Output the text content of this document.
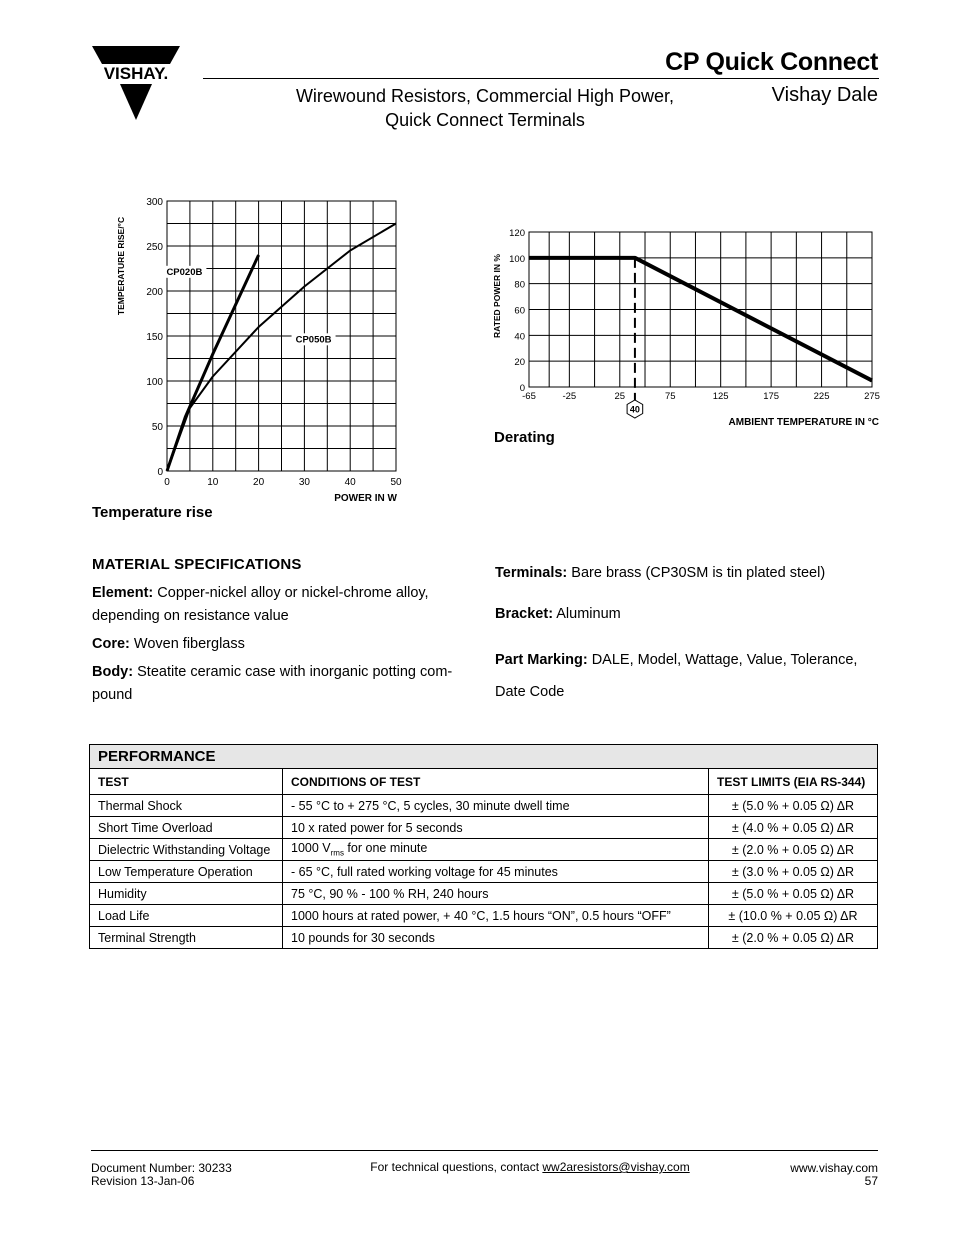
VISHAY.	CP Quick Connect
Wirewound Resistors, Commercial High Power,
Quick Connect Terminals
Vishay Dale
0	10	20	30	40	50
0
50
100
150
200
250
300
POWER IN W
TEMPERATURE RISE/°C	CP020B
CP050B
Temperature rise
-65	-25	25	75	125	175	225	275
0
20
40
60
80
100
120
AMBIENT TEMPERATURE IN °C
RATED POWER IN %
40
Derating
MATERIAL SPECIFICATIONS

Element: Copper-nickel alloy or nickel-chrome alloy, depending on resistance value

Core: Woven fiberglass

Body: Steatite ceramic case with inorganic potting com-pound

Terminals: Bare brass (CP30SM is tin plated steel)

Bracket: Aluminum

Part Marking: DALE, Model, Wattage, Value, Tolerance, Date Code

PERFORMANCE		
TEST	CONDITIONS OF TEST	TEST LIMITS (EIA RS-344)
Thermal Shock	- 55 °C to + 275 °C, 5 cycles, 30 minute dwell time	± (5.0 % + 0.05 Ω) ΔR
Short Time Overload	10 x rated power for 5 seconds	± (4.0 % + 0.05 Ω) ΔR
Dielectric Withstanding Voltage	1000 $V_{rms}$ for one minute	± (2.0 % + 0.05 Ω) ΔR
Low Temperature Operation	- 65 °C, full rated working voltage for 45 minutes	± (3.0 % + 0.05 Ω) ΔR
Humidity	75 °C, 90 % - 100 % RH, 240 hours	± (5.0 % + 0.05 Ω) ΔR
Load Life	1000 hours at rated power, + 40 °C, 1.5 hours “ON”, 0.5 hours “OFF”	± (10.0 % + 0.05 Ω) ΔR
Terminal Strength	10 pounds for 30 seconds	± (2.0 % + 0.05 Ω) ΔR
Document Number: 30233
Revision 13-Jan-06
For technical questions, contact ww2aresistors@vishay.com	www.vishay.com
57
